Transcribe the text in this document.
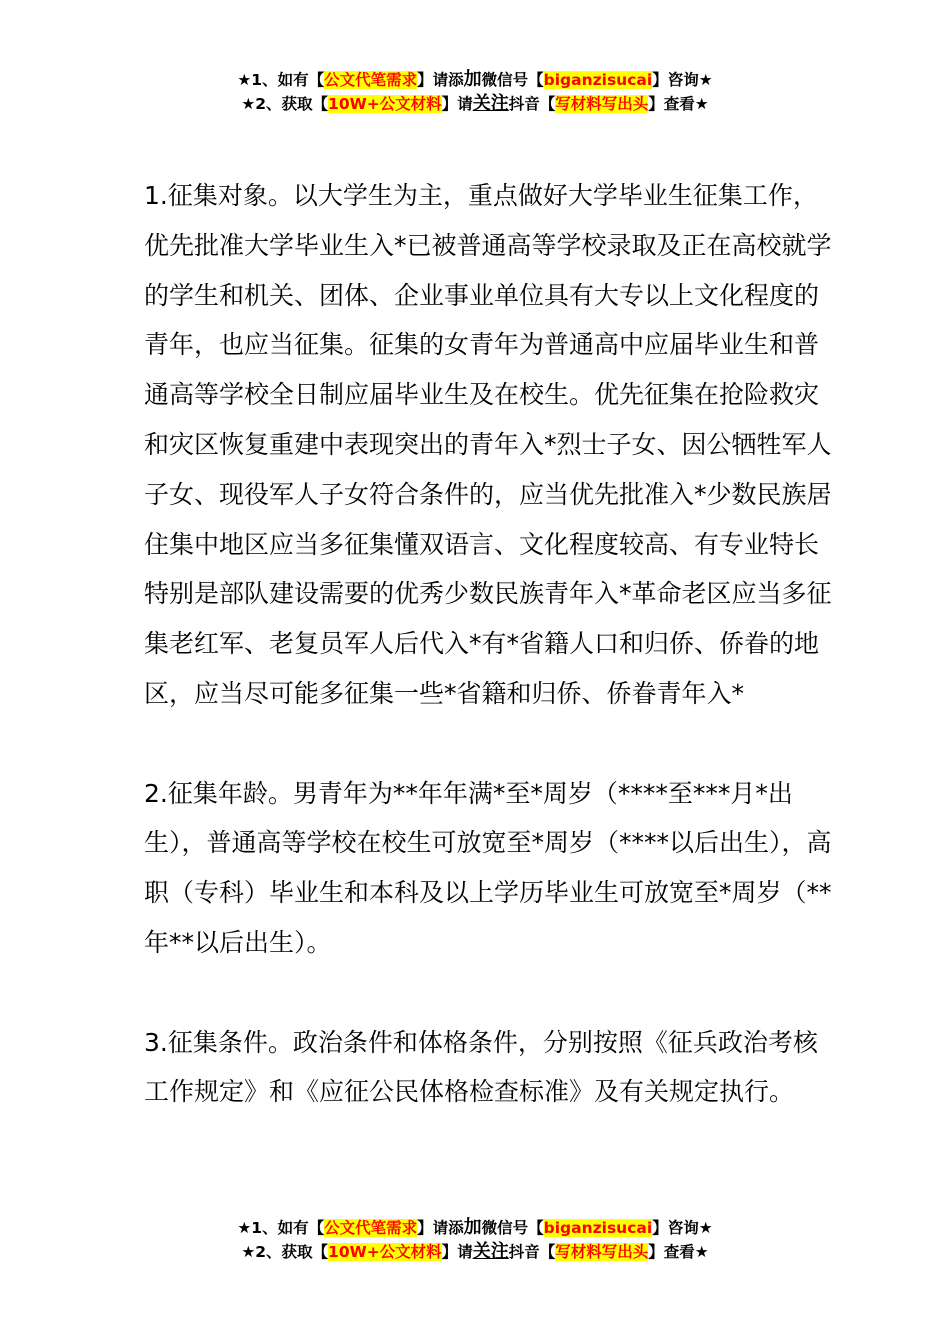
★1、如有【公文代笔需求】请添加微信号【biganzisucai】咨询★
★2、获取【10W+公文材料】请关注抖音【写材料写出头】查看★

1.征集对象。以大学生为主，重点做好大学毕业生征集工作，优先批准大学毕业生入*已被普通高等学校录取及正在高校就学的学生和机关、团体、企业事业单位具有大专以上文化程度的青年，也应当征集。征集的女青年为普通高中应届毕业生和普通高等学校全日制应届毕业生及在校生。优先征集在抢险救灾和灾区恢复重建中表现突出的青年入*烈士子女、因公牺牲军人子女、现役军人子女符合条件的，应当优先批准入*少数民族居住集中地区应当多征集懂双语言、文化程度较高、有专业特长特别是部队建设需要的优秀少数民族青年入*革命老区应当多征集老红军、老复员军人后代入*有*省籍人口和归侨、侨眷的地区，应当尽可能多征集一些*省籍和归侨、侨眷青年入*

2.征集年龄。男青年为**年年满*至*周岁（****至***月*出生），普通高等学校在校生可放宽至*周岁（****以后出生），高职（专科）毕业生和本科及以上学历毕业生可放宽至*周岁（**年**以后出生）。

3.征集条件。政治条件和体格条件，分别按照《征兵政治考核工作规定》和《应征公民体格检查标准》及有关规定执行。

★1、如有【公文代笔需求】请添加微信号【biganzisucai】咨询★
★2、获取【10W+公文材料】请关注抖音【写材料写出头】查看★
